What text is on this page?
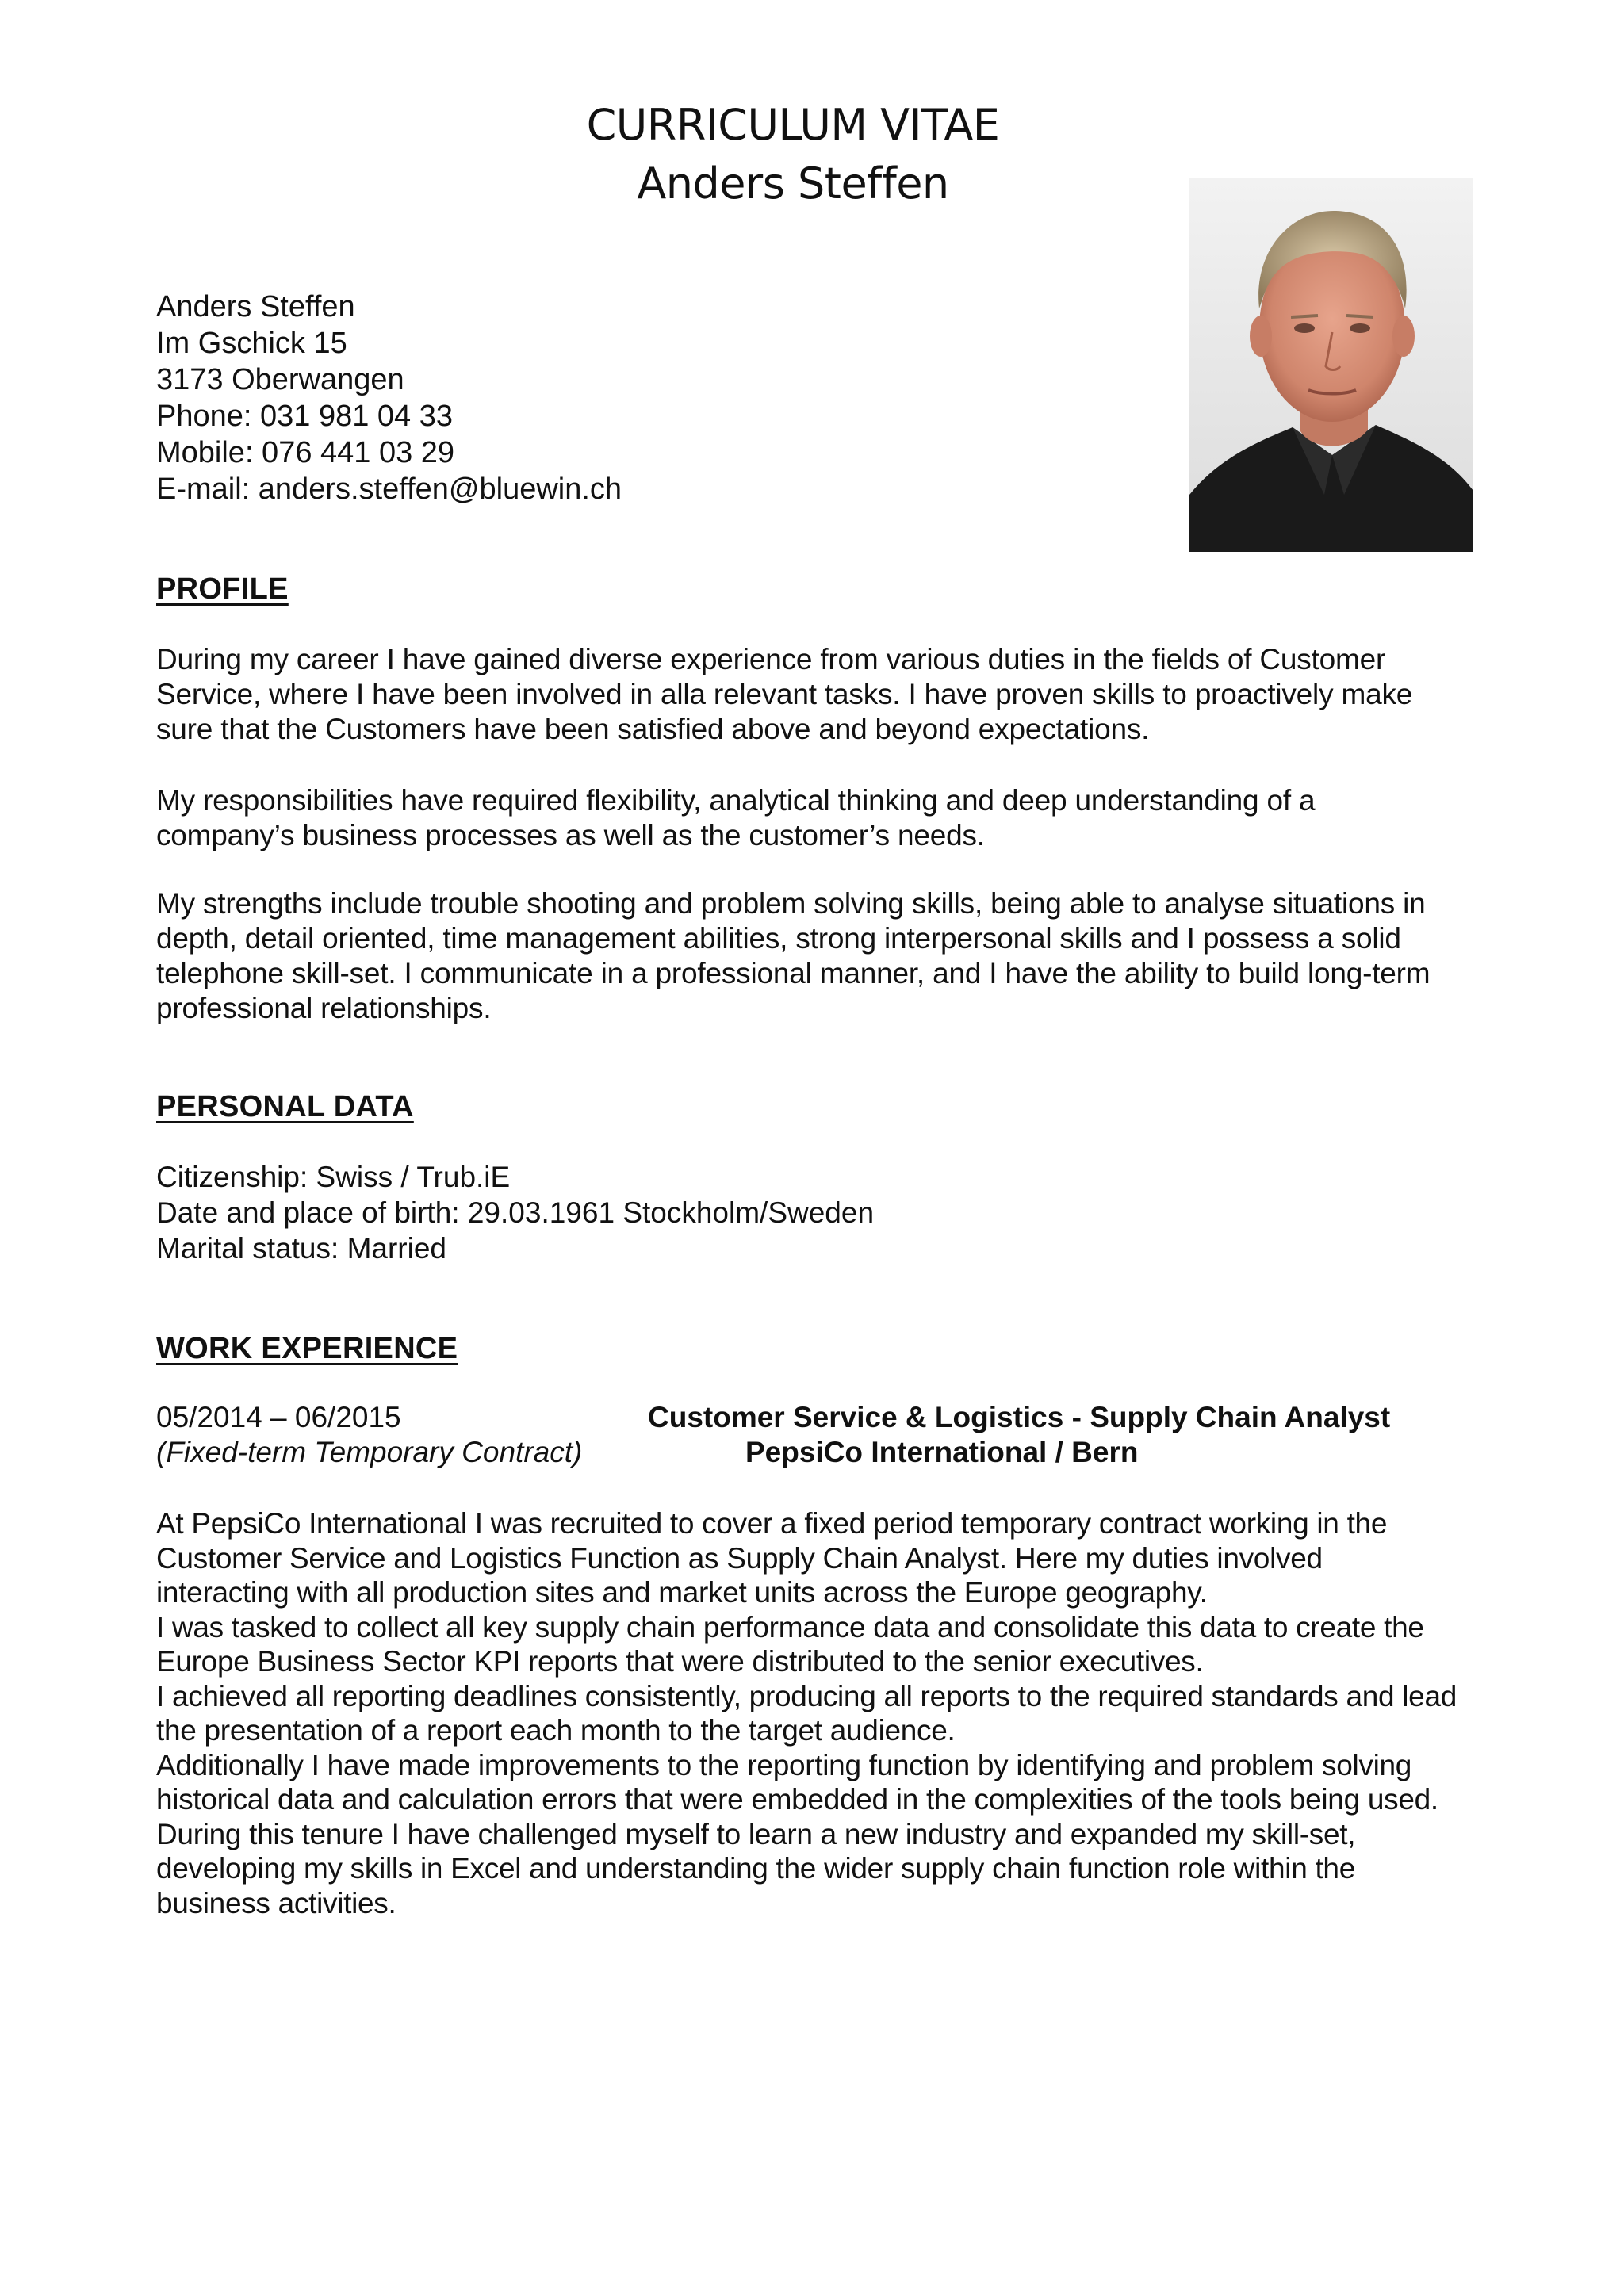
CURRICULUM VITAE
Anders Steffen
Anders Steffen
Im Gschick 15
3173 Oberwangen
Phone: 031 981 04 33
Mobile: 076 441 03 29
E-mail: anders.steffen@bluewin.ch
PROFILE

During my career I have gained diverse experience from various duties in the fields of Customer Service, where I have been involved in alla relevant tasks. I have proven skills to proactively make sure that the Customers have been satisfied above and beyond expectations.

My responsibilities have required flexibility, analytical thinking and deep understanding of a company’s business processes as well as the customer’s needs.

My strengths include trouble shooting and problem solving skills, being able to analyse situations in depth, detail oriented, time management abilities, strong interpersonal skills and I possess a solid telephone skill-set. I communicate in a professional manner, and I have the ability to build long-term professional relationships.

PERSONAL DATA
Citizenship: Swiss / Trub.iE
Date and place of birth: 29.03.1961 Stockholm/Sweden
Marital status: Married
WORK EXPERIENCE
05/2014 – 06/2015	Customer Service & Logistics - Supply Chain Analyst
(Fixed-term Temporary Contract)	PepsiCo International / Bern

At PepsiCo International I was recruited to cover a fixed period temporary contract working in the Customer Service and Logistics Function as Supply Chain Analyst. Here my duties involved interacting with all production sites and market units across the Europe geography.

I was tasked to collect all key supply chain performance data and consolidate this data to create the Europe Business Sector KPI reports that were distributed to the senior executives.

I achieved all reporting deadlines consistently, producing all reports to the required standards and lead the presentation of a report each month to the target audience.

Additionally I have made improvements to the reporting function by identifying and problem solving historical data and calculation errors that were embedded in the complexities of the tools being used. During this tenure I have challenged myself to learn a new industry and expanded my skill-set, developing my skills in Excel and understanding the wider supply chain function role within the business activities.
